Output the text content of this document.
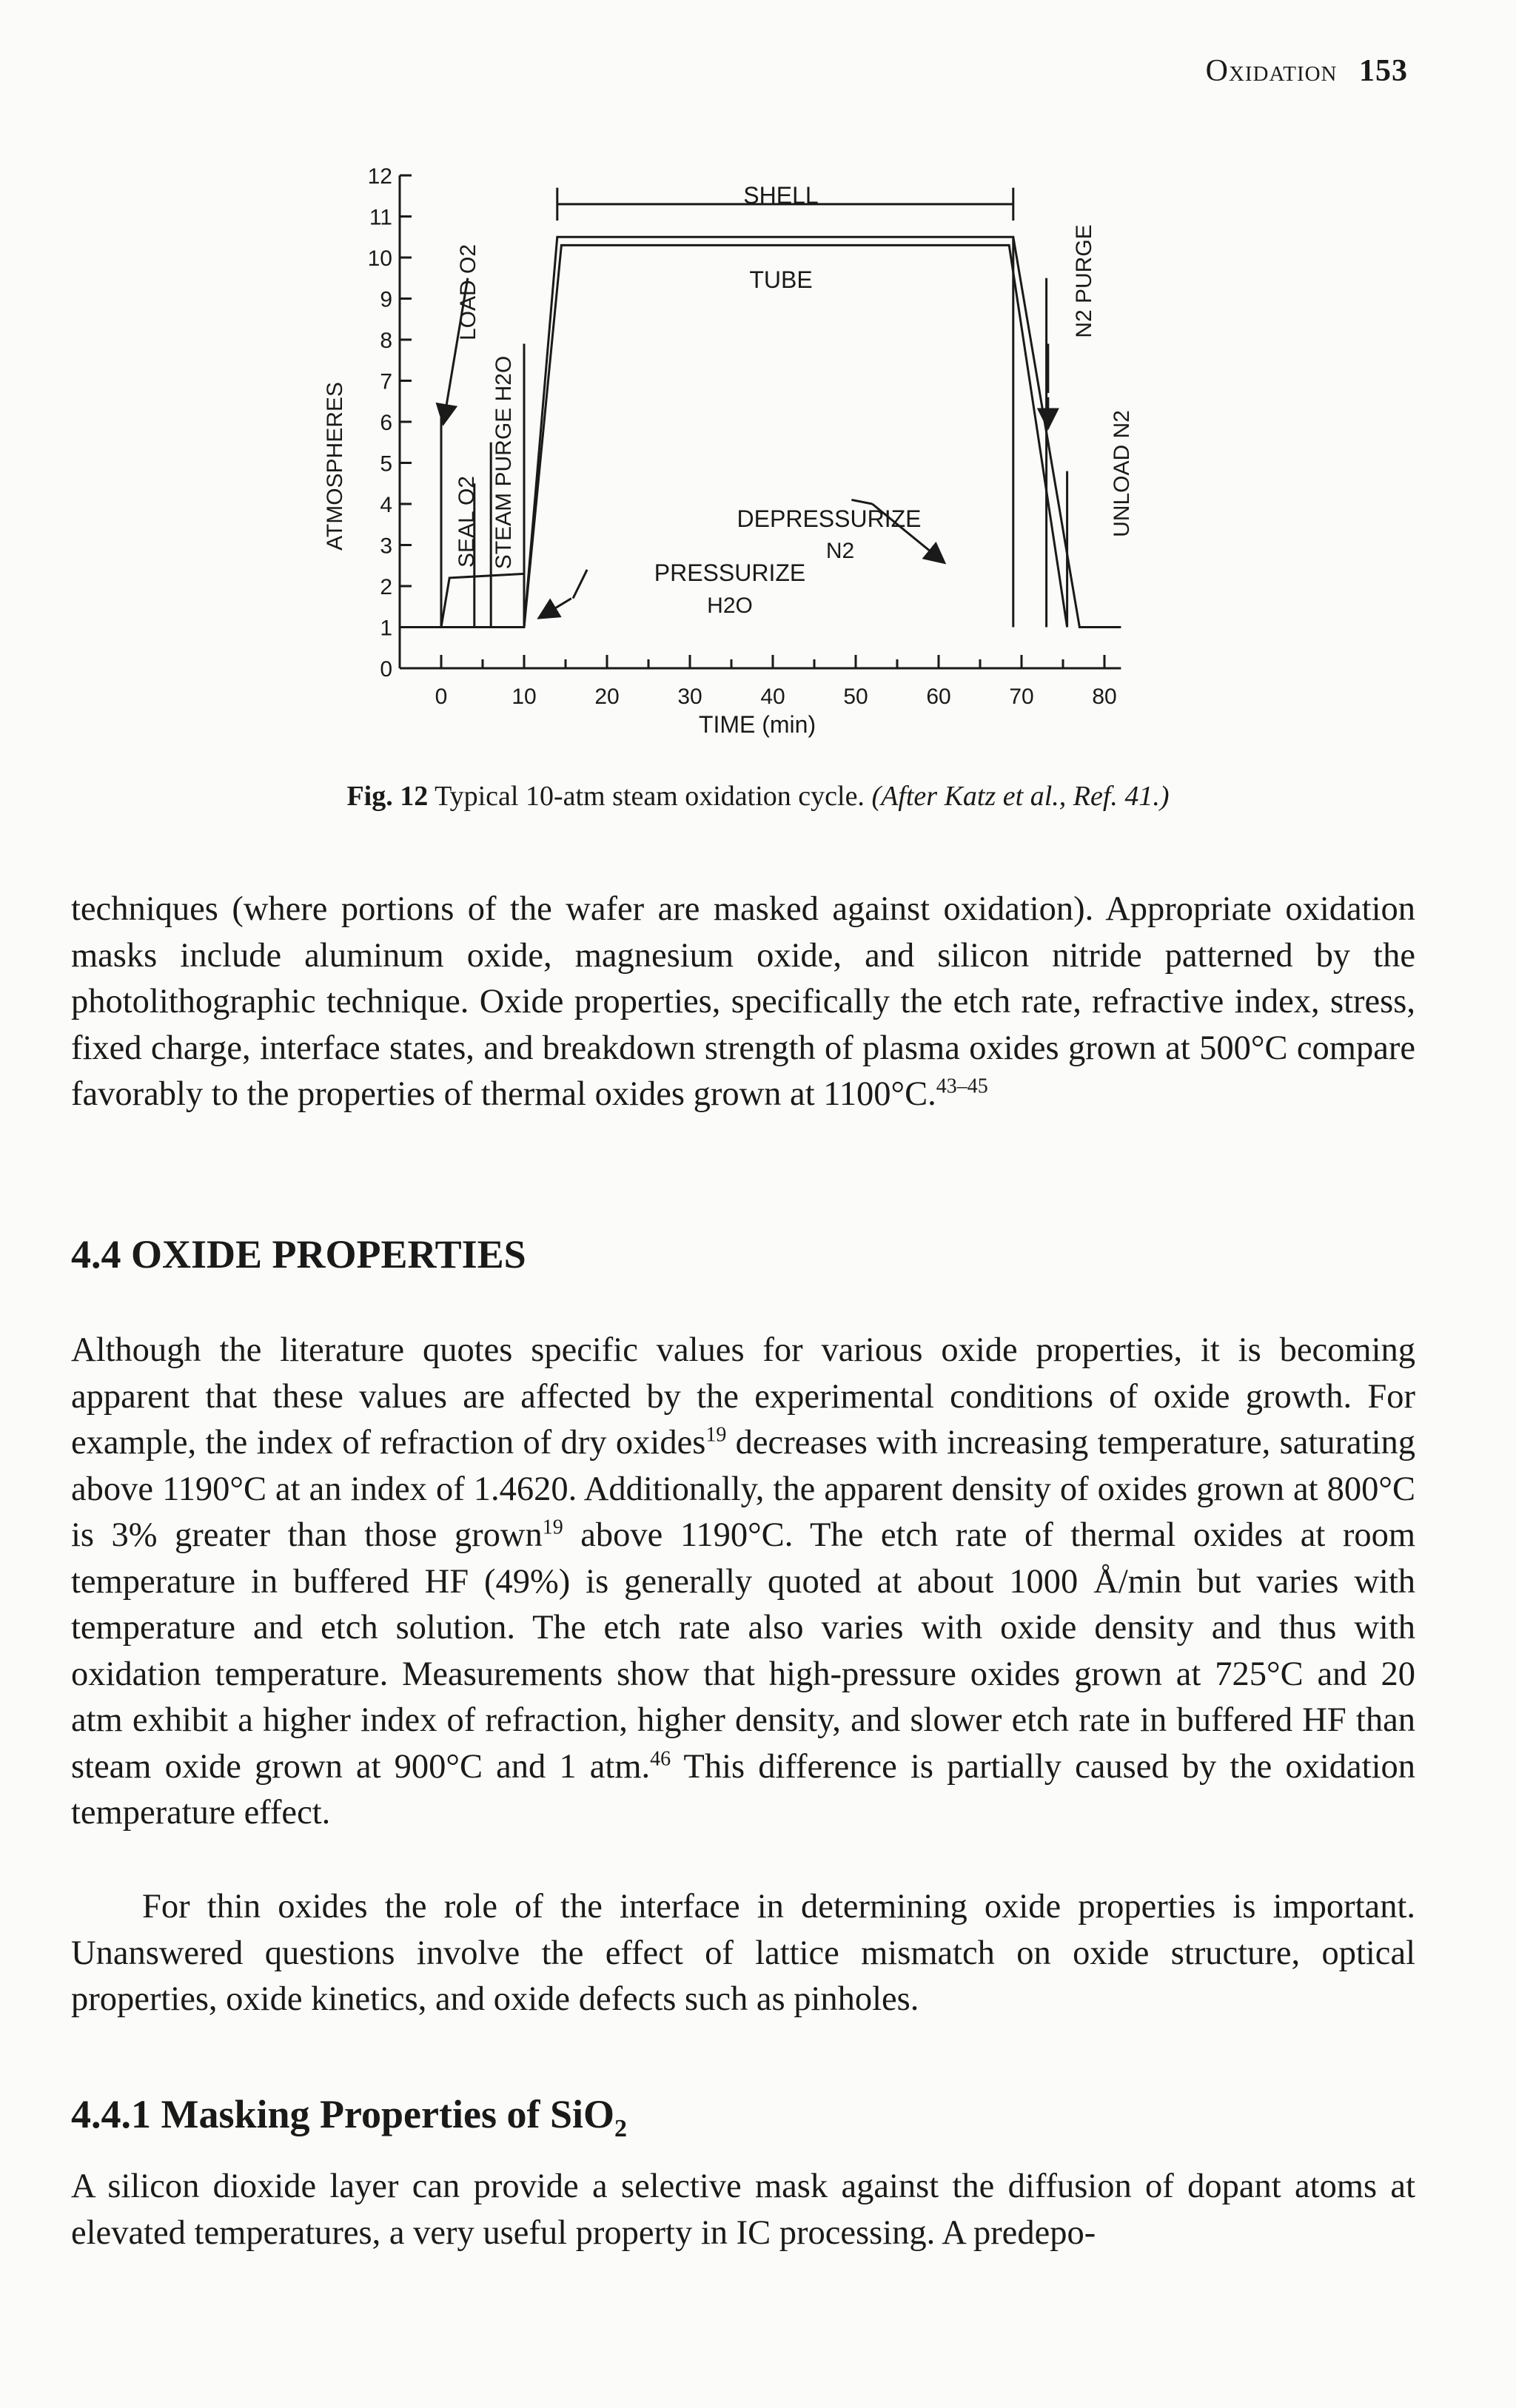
Oxidation 153
0
1
2
3
4
5
6
7
8
9
10
11
12
0	10	20	30	40	50	60	70	80
ATMOSPHERES
TIME (min)
SHELL
TUBE
LOAD O2
SEAL O2 STEAM PURGE H2O	DEPRESSURIZE
N2
PRESSURIZE
H2O
N2 PURGE
UNLOAD N2
Fig. 12 Typical 10-atm steam oxidation cycle. (After Katz et al., Ref. 41.)

techniques (where portions of the wafer are masked against oxidation). Appropriate oxidation masks include aluminum oxide, magnesium oxide, and silicon nitride patterned by the photolithographic technique. Oxide properties, specifically the etch rate, refractive index, stress, fixed charge, interface states, and breakdown strength of plasma oxides grown at 500°C compare favorably to the properties of thermal oxides grown at 1100°C.$^{43-45}$

4.4 OXIDE PROPERTIES

Although the literature quotes specific values for various oxide properties, it is becoming apparent that these values are affected by the experimental conditions of oxide growth. For example, the index of refraction of dry oxides$^{19}$ decreases with increasing temperature, saturating above 1190°C at an index of 1.4620. Additionally, the apparent density of oxides grown at 800°C is 3% greater than those grown$^{19}$ above 1190°C. The etch rate of thermal oxides at room temperature in buffered HF (49%) is generally quoted at about 1000 Å/min but varies with temperature and etch solution. The etch rate also varies with oxide density and thus with oxidation temperature. Measurements show that high-pressure oxides grown at 725°C and 20 atm exhibit a higher index of refraction, higher density, and slower etch rate in buffered HF than steam oxide grown at 900°C and 1 atm.$^{46}$ This difference is partially caused by the oxidation temperature effect.

For thin oxides the role of the interface in determining oxide properties is important. Unanswered questions involve the effect of lattice mismatch on oxide structure, optical properties, oxide kinetics, and oxide defects such as pinholes.

4.4.1 Masking Properties of SiO$_2$

A silicon dioxide layer can provide a selective mask against the diffusion of dopant atoms at elevated temperatures, a very useful property in IC processing. A predepo-
